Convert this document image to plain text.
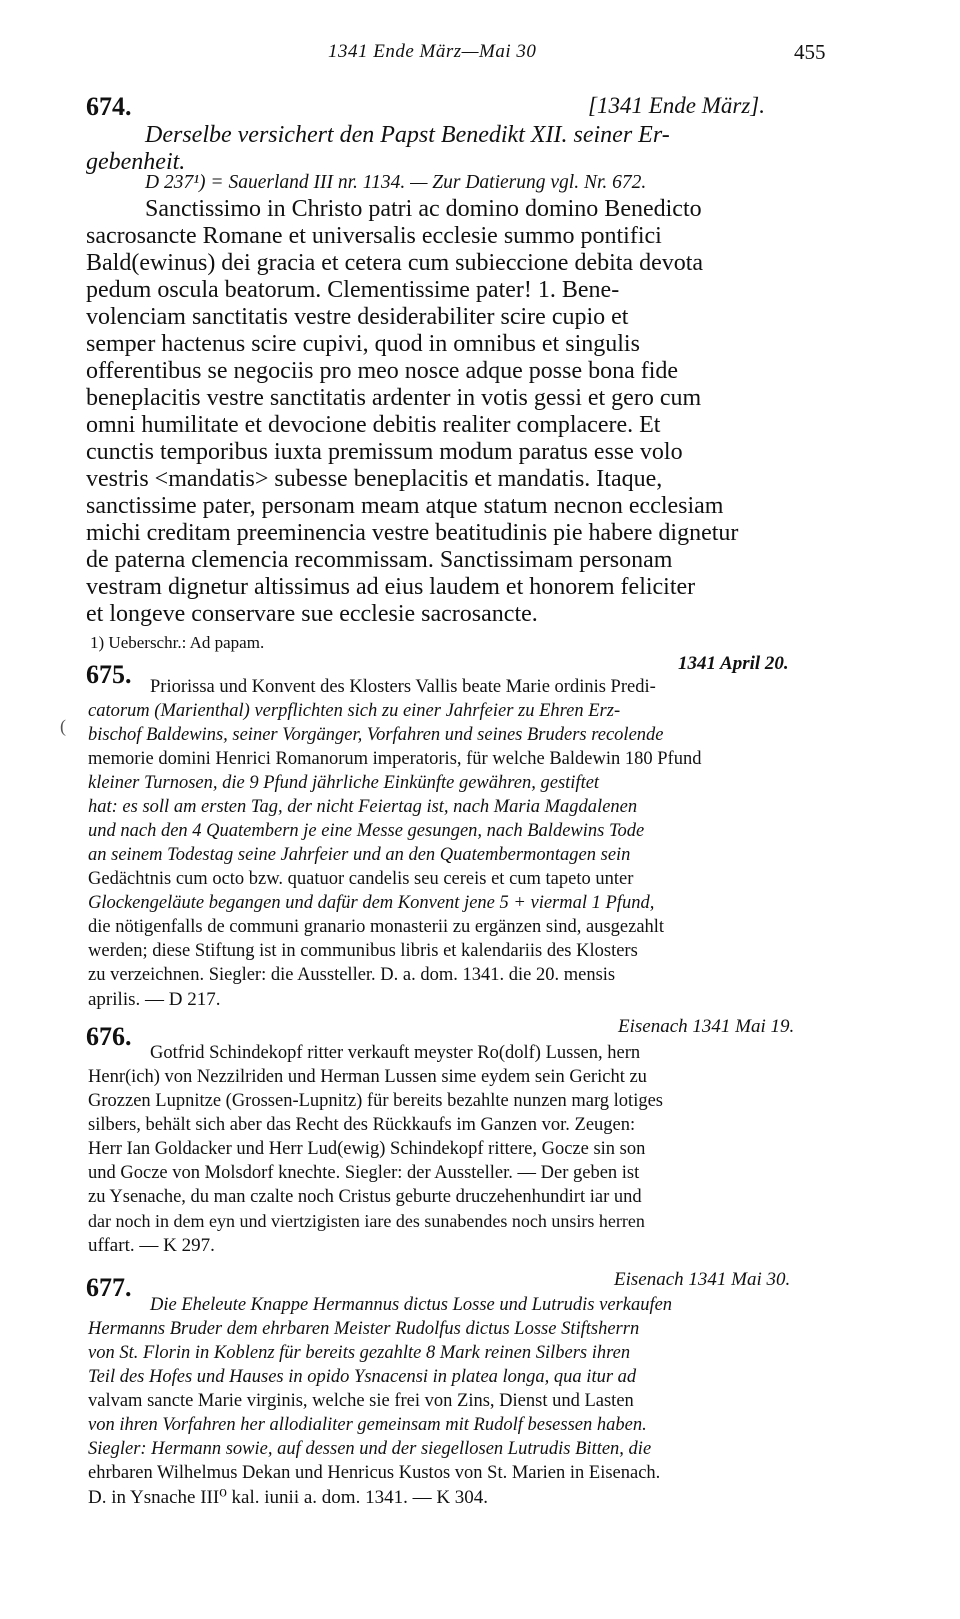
1341 Ende März—Mai 30	455
674.	[1341 Ende März].
Derselbe versichert den Papst Benedikt XII. seiner Er-
gebenheit.
D 237¹) = Sauerland III nr. 1134. — Zur Datierung vgl. Nr. 672.
Sanctissimo in Christo patri ac domino domino Benedicto
sacrosancte Romane et universalis ecclesie summo pontifici
Bald(ewinus) dei gracia et cetera cum subieccione debita devota
pedum oscula beatorum. Clementissime pater! 1. Bene-
volenciam sanctitatis vestre desiderabiliter scire cupio et
semper hactenus scire cupivi, quod in omnibus et singulis
offerentibus se negociis pro meo nosce adque posse bona fide
beneplacitis vestre sanctitatis ardenter in votis gessi et gero cum
omni humilitate et devocione debitis realiter complacere. Et
cunctis temporibus iuxta premissum modum paratus esse volo
vestris <mandatis> subesse beneplacitis et mandatis. Itaque,
sanctissime pater, personam meam atque statum necnon ecclesiam
michi creditam preeminencia vestre beatitudinis pie habere dignetur
de paterna clemencia recommissam. Sanctissimam personam
vestram dignetur altissimus ad eius laudem et honorem feliciter
et longeve conservare sue ecclesie sacrosancte.
1) Ueberschr.: Ad papam.
675.	1341 April 20.
Priorissa und Konvent des Klosters Vallis beate Marie ordinis Predi-
catorum (Marienthal) verpflichten sich zu einer Jahrfeier zu Ehren Erz-
bischof Baldewins, seiner Vorgänger, Vorfahren und seines Bruders recolende
memorie domini Henrici Romanorum imperatoris, für welche Baldewin 180 Pfund
kleiner Turnosen, die 9 Pfund jährliche Einkünfte gewähren, gestiftet
hat: es soll am ersten Tag, der nicht Feiertag ist, nach Maria Magdalenen
und nach den 4 Quatembern je eine Messe gesungen, nach Baldewins Tode
an seinem Todestag seine Jahrfeier und an den Quatembermontagen sein
Gedächtnis cum octo bzw. quatuor candelis seu cereis et cum tapeto unter
Glockengeläute begangen und dafür dem Konvent jene 5 + viermal 1 Pfund,
die nötigenfalls de communi granario monasterii zu ergänzen sind, ausgezahlt
werden; diese Stiftung ist in communibus libris et kalendariis des Klosters
zu verzeichnen. Siegler: die Aussteller. D. a. dom. 1341. die 20. mensis
aprilis. — D 217.
676.	Eisenach 1341 Mai 19.
Gotfrid Schindekopf ritter verkauft meyster Ro(dolf) Lussen, hern
Henr(ich) von Nezzilriden und Herman Lussen sime eydem sein Gericht zu
Grozzen Lupnitze (Grossen-Lupnitz) für bereits bezahlte nunzen marg lotiges
silbers, behält sich aber das Recht des Rückkaufs im Ganzen vor. Zeugen:
Herr Ian Goldacker und Herr Lud(ewig) Schindekopf rittere, Gocze sin son
und Gocze von Molsdorf knechte. Siegler: der Aussteller. — Der geben ist
zu Ysenache, du man czalte noch Cristus geburte druczehenhundirt iar und
dar noch in dem eyn und viertzigisten iare des sunabendes noch unsirs herren
uffart. — K 297.
677.	Eisenach 1341 Mai 30.
Die Eheleute Knappe Hermannus dictus Losse und Lutrudis verkaufen
Hermanns Bruder dem ehrbaren Meister Rudolfus dictus Losse Stiftsherrn
von St. Florin in Koblenz für bereits gezahlte 8 Mark reinen Silbers ihren
Teil des Hofes und Hauses in opido Ysnacensi in platea longa, qua itur ad
valvam sancte Marie virginis, welche sie frei von Zins, Dienst und Lasten
von ihren Vorfahren her allodialiter gemeinsam mit Rudolf besessen haben.
Siegler: Hermann sowie, auf dessen und der siegellosen Lutrudis Bitten, die
ehrbaren Wilhelmus Dekan und Henricus Kustos von St. Marien in Eisenach.
D. in Ysnache III⁰ kal. iunii a. dom. 1341. — K 304.
(
